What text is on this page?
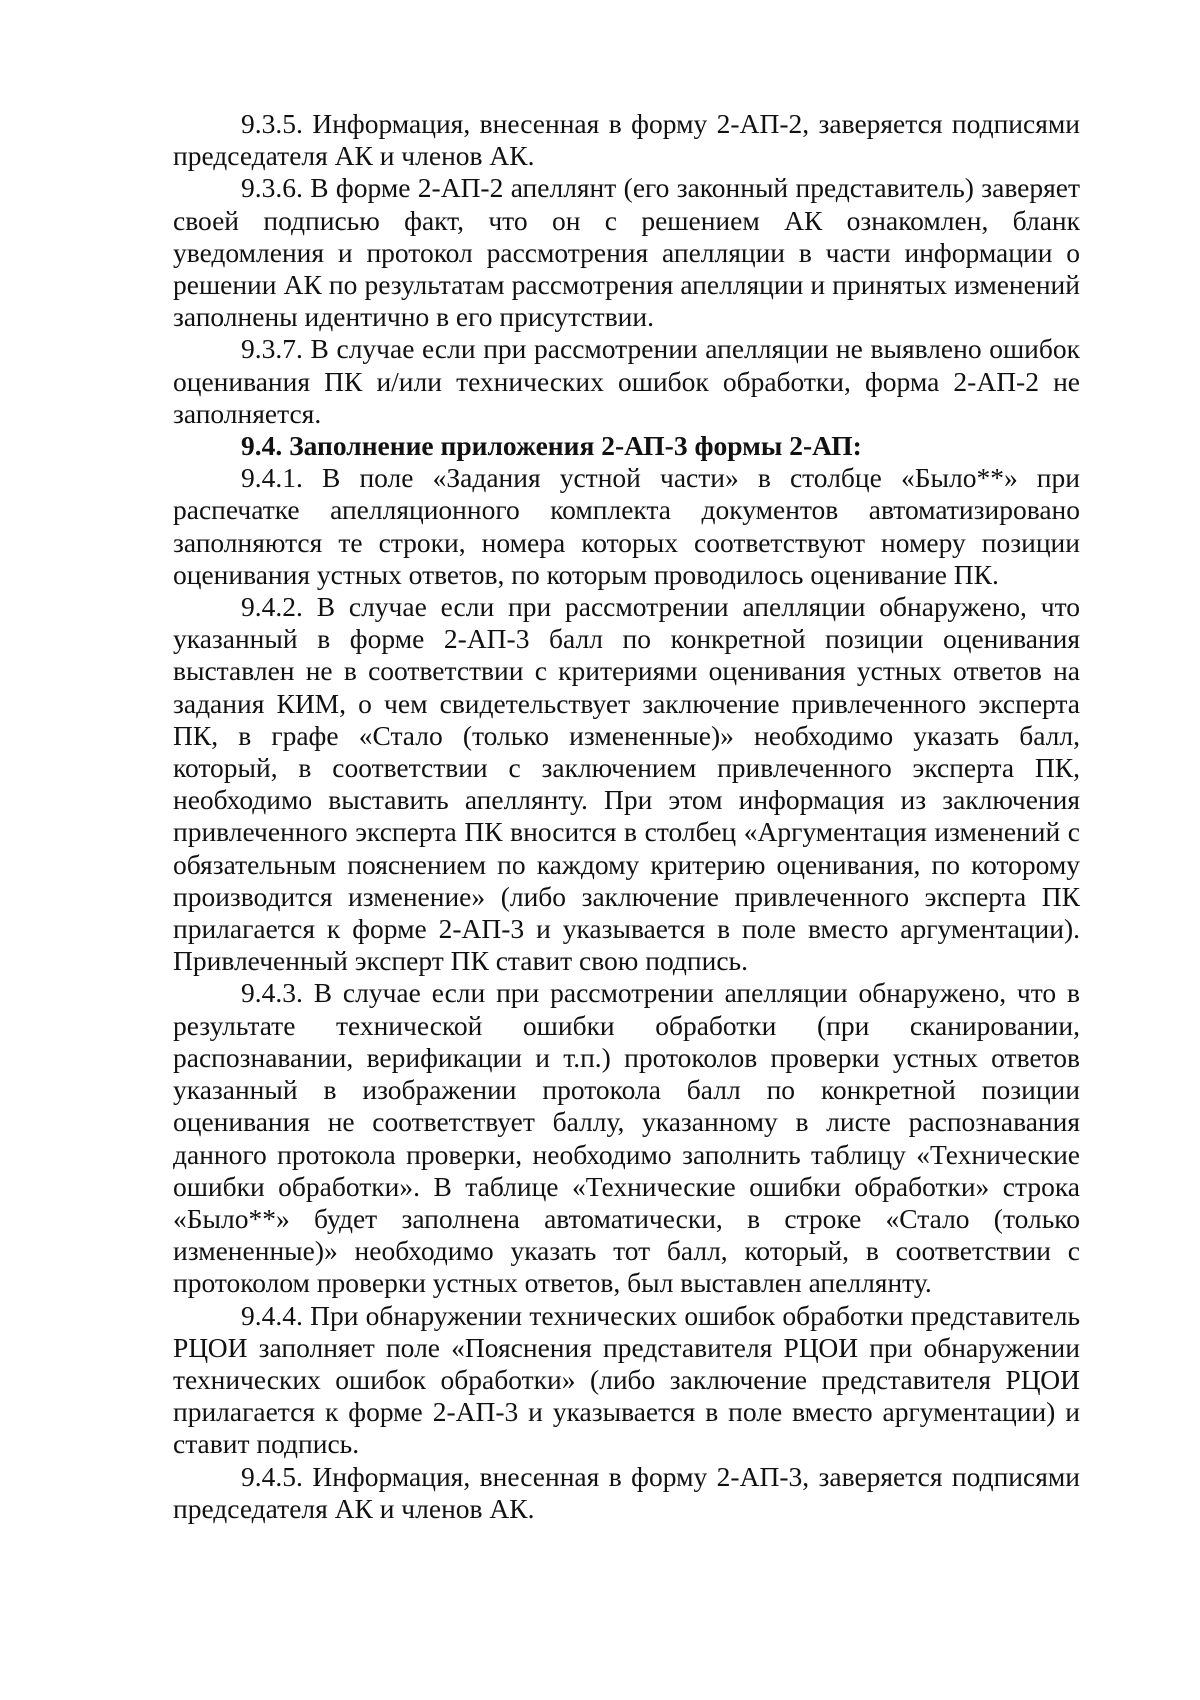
9.3.5. Информация, внесенная в форму 2-АП-2, заверяется подписями председателя АК и членов АК.

9.3.6. В форме 2-АП-2 апеллянт (его законный представитель) заверяет своей подписью факт, что он с решением АК ознакомлен, бланк уведомления и протокол рассмотрения апелляции в части информации о решении АК по результатам рассмотрения апелляции и принятых изменений заполнены идентично в его присутствии.

9.3.7. В случае если при рассмотрении апелляции не выявлено ошибок оценивания ПК и/или технических ошибок обработки, форма 2-АП-2 не заполняется.

9.4. Заполнение приложения 2-АП-3 формы 2-АП:

9.4.1. В поле «Задания устной части» в столбце «Было**» при распечатке апелляционного комплекта документов автоматизировано заполняются те строки, номера которых соответствуют номеру позиции оценивания устных ответов, по которым проводилось оценивание ПК.

9.4.2. В случае если при рассмотрении апелляции обнаружено, что указанный в форме 2-АП-3 балл по конкретной позиции оценивания выставлен не в соответствии с критериями оценивания устных ответов на задания КИМ, о чем свидетельствует заключение привлеченного эксперта ПК, в графе «Стало (только измененные)» необходимо указать балл, который, в соответствии с заключением привлеченного эксперта ПК, необходимо выставить апеллянту. При этом информация из заключения привлеченного эксперта ПК вносится в столбец «Аргументация изменений с обязательным пояснением по каждому критерию оценивания, по которому производится изменение» (либо заключение привлеченного эксперта ПК прилагается к форме 2-АП-3 и указывается в поле вместо аргументации). Привлеченный эксперт ПК ставит свою подпись.

9.4.3. В случае если при рассмотрении апелляции обнаружено, что в результате технической ошибки обработки (при сканировании, распознавании, верификации и т.п.) протоколов проверки устных ответов указанный в изображении протокола балл по конкретной позиции оценивания не соответствует баллу, указанному в листе распознавания данного протокола проверки, необходимо заполнить таблицу «Технические ошибки обработки». В таблице «Технические ошибки обработки» строка «Было**» будет заполнена автоматически, в строке «Стало (только измененные)» необходимо указать тот балл, который, в соответствии с протоколом проверки устных ответов, был выставлен апеллянту.

9.4.4. При обнаружении технических ошибок обработки представитель РЦОИ заполняет поле «Пояснения представителя РЦОИ при обнаружении технических ошибок обработки» (либо заключение представителя РЦОИ прилагается к форме 2-АП-3 и указывается в поле вместо аргументации) и ставит подпись.

9.4.5. Информация, внесенная в форму 2-АП-3, заверяется подписями председателя АК и членов АК.
